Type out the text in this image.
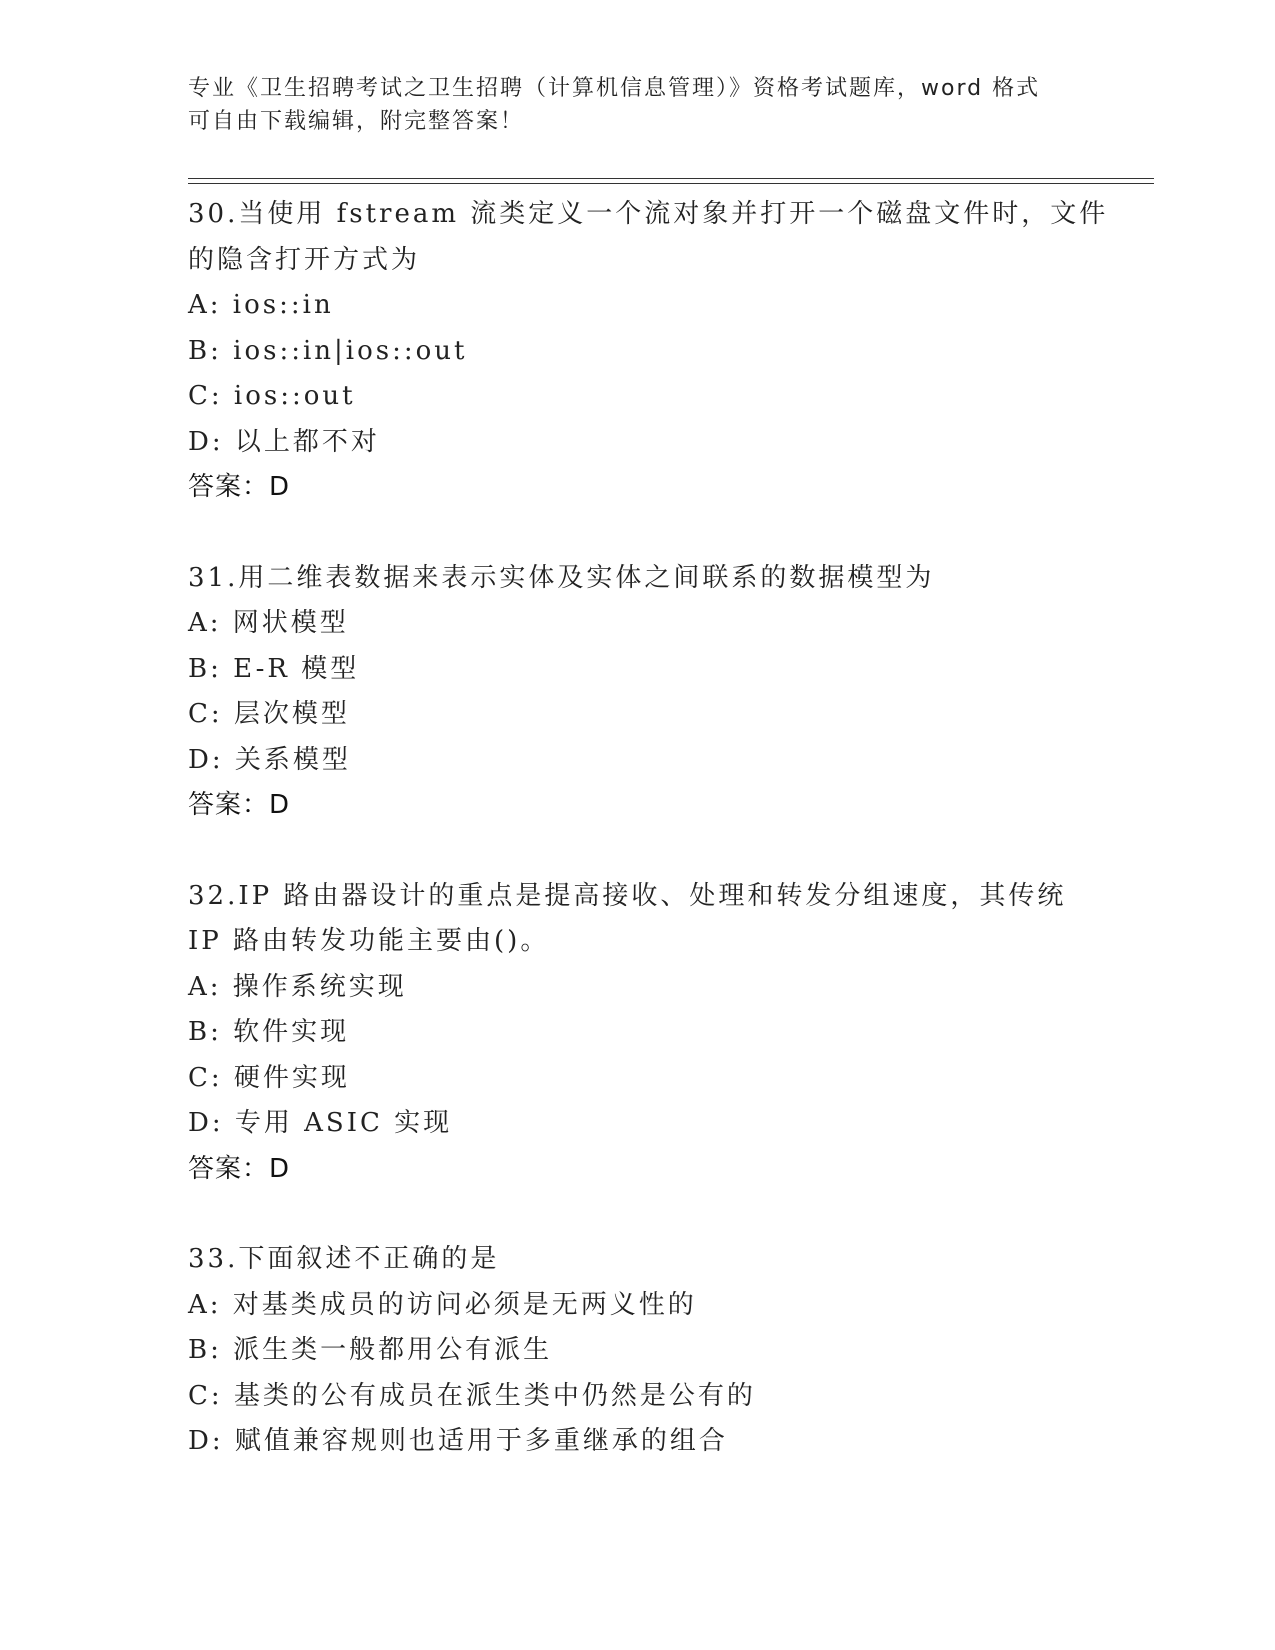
专业《卫生招聘考试之卫生招聘（计算机信息管理）》资格考试题库，word 格式
可自由下载编辑，附完整答案！
30.当使用 fstream 流类定义一个流对象并打开一个磁盘文件时，文件
的隐含打开方式为
A: ios::in
B: ios::in|ios::out
C: ios::out
D: 以上都不对
答案：D
31.用二维表数据来表示实体及实体之间联系的数据模型为
A: 网状模型
B: E-R 模型
C: 层次模型
D: 关系模型
答案：D
32.IP 路由器设计的重点是提高接收、处理和转发分组速度，其传统
IP 路由转发功能主要由()。
A: 操作系统实现
B: 软件实现
C: 硬件实现
D: 专用 ASIC 实现
答案：D
33.下面叙述不正确的是
A: 对基类成员的访问必须是无两义性的
B: 派生类一般都用公有派生
C: 基类的公有成员在派生类中仍然是公有的
D: 赋值兼容规则也适用于多重继承的组合
